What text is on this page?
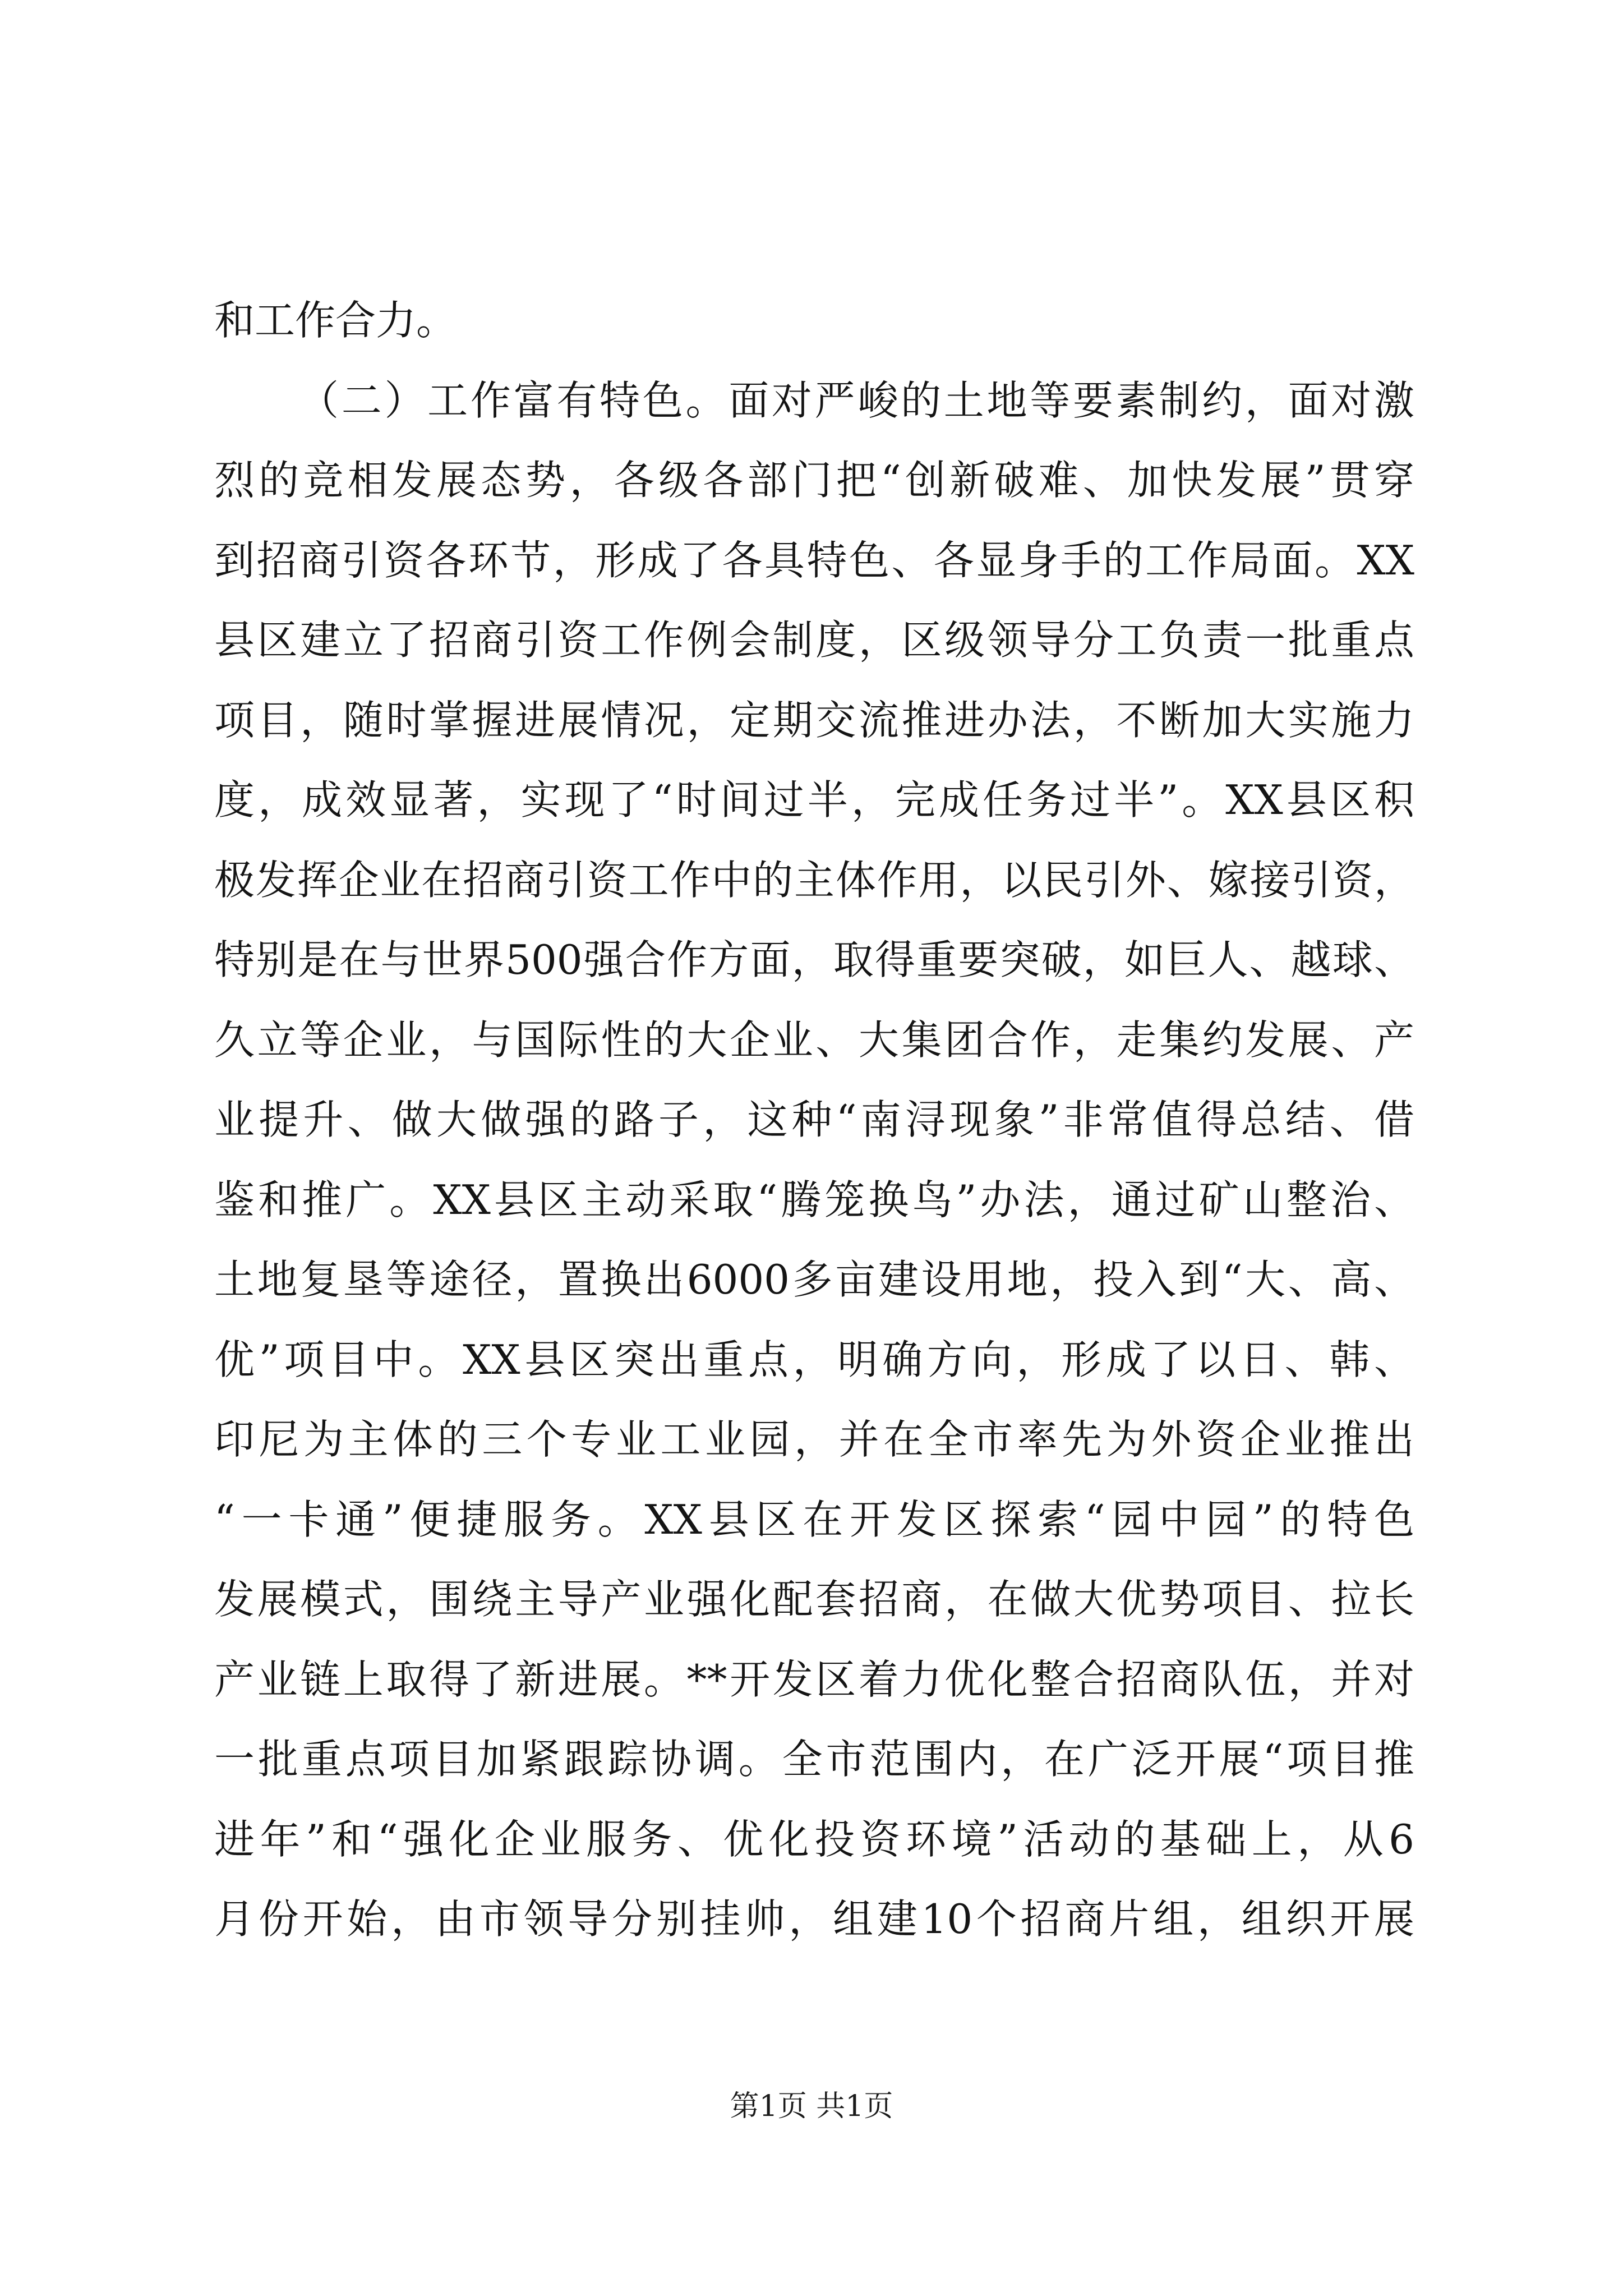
和工作合力。
（二）工作富有特色。面对严峻的土地等要素制约，面对激
烈的竞相发展态势，各级各部门把“创新破难、加快发展”贯穿
到招商引资各环节，形成了各具特色、各显身手的工作局面。XX
县区建立了招商引资工作例会制度，区级领导分工负责一批重点
项目，随时掌握进展情况，定期交流推进办法，不断加大实施力
度，成效显著，实现了“时间过半，完成任务过半”。XX县区积
极发挥企业在招商引资工作中的主体作用，以民引外、嫁接引资，
特别是在与世界500强合作方面，取得重要突破，如巨人、越球、
久立等企业，与国际性的大企业、大集团合作，走集约发展、产
业提升、做大做强的路子，这种“南浔现象”非常值得总结、借
鉴和推广。XX县区主动采取“腾笼换鸟”办法，通过矿山整治、
土地复垦等途径，置换出6000多亩建设用地，投入到“大、高、
优”项目中。XX县区突出重点，明确方向，形成了以日、韩、
印尼为主体的三个专业工业园，并在全市率先为外资企业推出
“一卡通”便捷服务。XX县区在开发区探索“园中园”的特色
发展模式，围绕主导产业强化配套招商，在做大优势项目、拉长
产业链上取得了新进展。**开发区着力优化整合招商队伍，并对
一批重点项目加紧跟踪协调。全市范围内，在广泛开展“项目推
进年”和“强化企业服务、优化投资环境”活动的基础上，从6
月份开始，由市领导分别挂帅，组建10个招商片组，组织开展
第1页 共1页
